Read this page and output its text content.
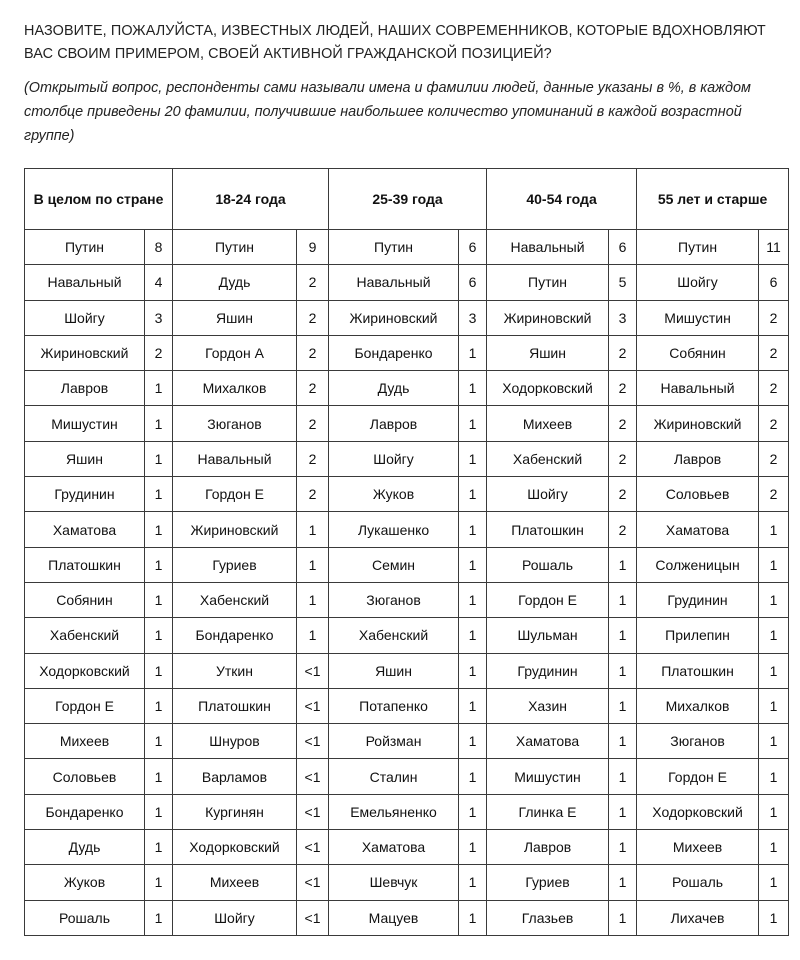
НАЗОВИТЕ, ПОЖАЛУЙСТА, ИЗВЕСТНЫХ ЛЮДЕЙ, НАШИХ СОВРЕМЕННИКОВ, КОТОРЫЕ ВДОХНОВЛЯЮТ ВАС СВОИМ ПРИМЕРОМ, СВОЕЙ АКТИВНОЙ ГРАЖДАНСКОЙ ПОЗИЦИЕЙ?

(Открытый вопрос, респонденты сами называли имена и фамилии людей, данные указаны в %, в каждом столбце приведены 20 фамилии, получившие наибольшее количество упоминаний в каждой возрастной группе)

В целом по стране		18-24 года		25-39 года		40-54 года		55 лет и старше	
Путин	8	Путин	9	Путин	6	Навальный	6	Путин	11
Навальный	4	Дудь	2	Навальный	6	Путин	5	Шойгу	6
Шойгу	3	Яшин	2	Жириновский	3	Жириновский	3	Мишустин	2
Жириновский	2	Гордон А	2	Бондаренко	1	Яшин	2	Собянин	2
Лавров	1	Михалков	2	Дудь	1	Ходорковский	2	Навальный	2
Мишустин	1	Зюганов	2	Лавров	1	Михеев	2	Жириновский	2
Яшин	1	Навальный	2	Шойгу	1	Хабенский	2	Лавров	2
Грудинин	1	Гордон Е	2	Жуков	1	Шойгу	2	Соловьев	2
Хаматова	1	Жириновский	1	Лукашенко	1	Платошкин	2	Хаматова	1
Платошкин	1	Гуриев	1	Семин	1	Рошаль	1	Солженицын	1
Собянин	1	Хабенский	1	Зюганов	1	Гордон Е	1	Грудинин	1
Хабенский	1	Бондаренко	1	Хабенский	1	Шульман	1	Прилепин	1
Ходорковский	1	Уткин	<1	Яшин	1	Грудинин	1	Платошкин	1
Гордон Е	1	Платошкин	<1	Потапенко	1	Хазин	1	Михалков	1
Михеев	1	Шнуров	<1	Ройзман	1	Хаматова	1	Зюганов	1
Соловьев	1	Варламов	<1	Сталин	1	Мишустин	1	Гордон Е	1
Бондаренко	1	Кургинян	<1	Емельяненко	1	Глинка Е	1	Ходорковский	1
Дудь	1	Ходорковский	<1	Хаматова	1	Лавров	1	Михеев	1
Жуков	1	Михеев	<1	Шевчук	1	Гуриев	1	Рошаль	1
Рошаль	1	Шойгу	<1	Мацуев	1	Глазьев	1	Лихачев	1
